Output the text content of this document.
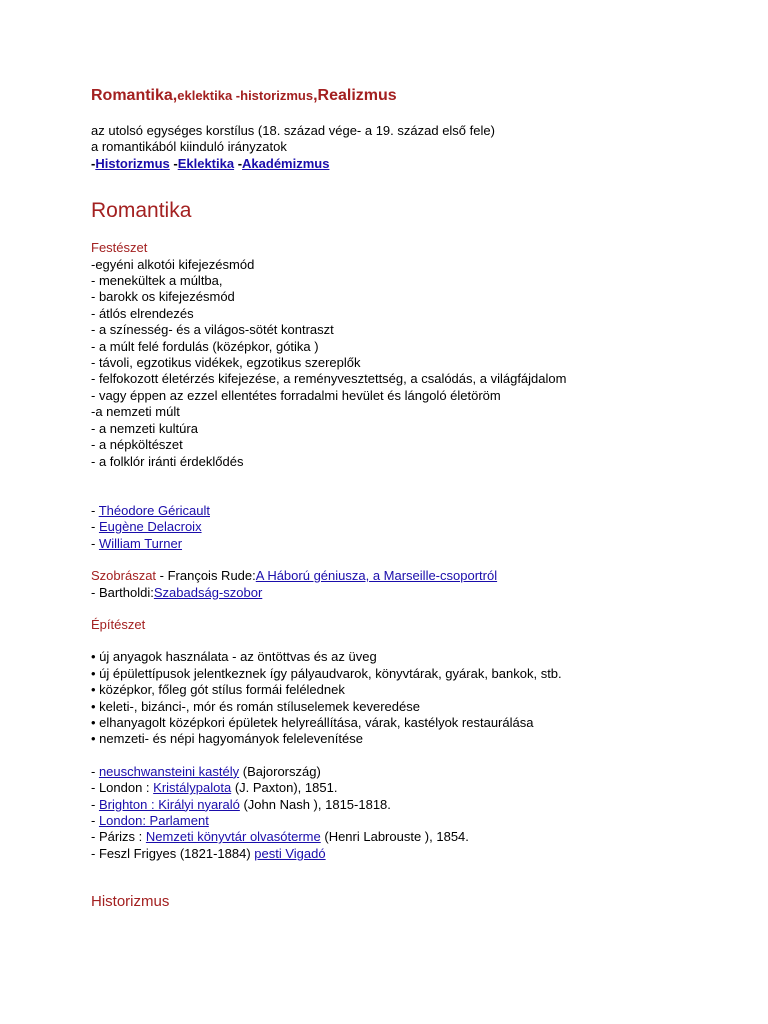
Romantika,eklektika -historizmus,Realizmus

az utolsó egységes korstílus (18. század vége- a 19. század első fele)

a romantikából kiinduló irányzatok

-Historizmus -Eklektika -Akadémizmus

Romantika

Festészet

-egyéni alkotói kifejezésmód

- menekültek a múltba,

- barokk os kifejezésmód

- átlós elrendezés

- a színesség- és a világos-sötét kontraszt

- a múlt felé fordulás (középkor, gótika )

- távoli, egzotikus vidékek, egzotikus szereplők

- felfokozott életérzés kifejezése, a reményvesztettség, a csalódás, a világfájdalom

- vagy éppen az ezzel ellentétes forradalmi hevület és lángoló életöröm

-a nemzeti múlt

- a nemzeti kultúra

- a népköltészet

- a folklór iránti érdeklődés

- Théodore Géricault

- Eugène Delacroix

- William Turner

Szobrászat - François Rude:A Háború géniusza, a Marseille-csoportról

- Bartholdi:Szabadság-szobor

Építészet

• új anyagok használata - az öntöttvas és az üveg

• új épülettípusok jelentkeznek így pályaudvarok, könyvtárak, gyárak, bankok, stb.

• középkor, főleg gót stílus formái felélednek

• keleti-, bizánci-, mór és román stíluselemek keveredése

• elhanyagolt középkori épületek helyreállítása, várak, kastélyok restaurálása

• nemzeti- és népi hagyományok felelevenítése

- neuschwansteini kastély (Bajorország)

- London : Kristálypalota (J. Paxton), 1851.

- Brighton : Királyi nyaraló (John Nash ), 1815-1818.

- London: Parlament

- Párizs : Nemzeti könyvtár olvasóterme (Henri Labrouste ), 1854.

- Feszl Frigyes (1821-1884) pesti Vigadó

Historizmus
